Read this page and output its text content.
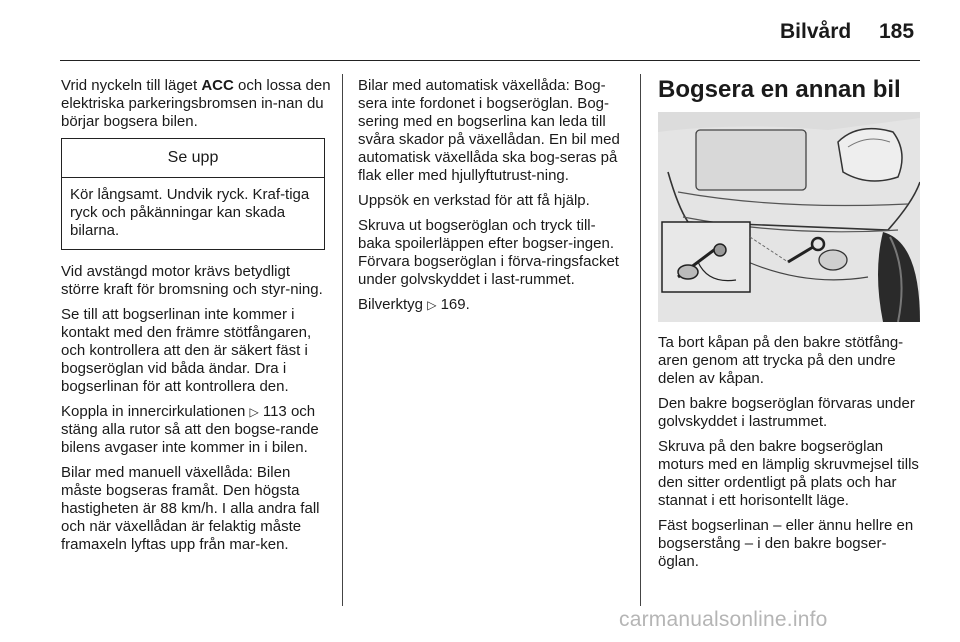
Bilvård 185

Vrid nyckeln till läget ACC och lossa den elektriska parkeringsbromsen in-nan du börjar bogsera bilen.

Se upp
Kör långsamt. Undvik ryck. Kraf-tiga ryck och påkänningar kan skada bilarna.

Vid avstängd motor krävs betydligt större kraft för bromsning och styr-ning.

Se till att bogserlinan inte kommer i kontakt med den främre stötfångaren, och kontrollera att den är säkert fäst i bogseröglan vid båda ändar. Dra i bogserlinan för att kontrollera den.

Koppla in innercirkulationen ▷ 113 och stäng alla rutor så att den bogse-rande bilens avgaser inte kommer in i bilen.

Bilar med manuell växellåda: Bilen måste bogseras framåt. Den högsta hastigheten är 88 km/h. I alla andra fall och när växellådan är felaktig måste framaxeln lyftas upp från mar-ken.

Bilar med automatisk växellåda: Bog-sera inte fordonet i bogseröglan. Bog-sering med en bogserlina kan leda till svåra skador på växellådan. En bil med automatisk växellåda ska bog-seras på flak eller med hjullyftutrust-ning.

Uppsök en verkstad för att få hjälp.

Skruva ut bogseröglan och tryck till-baka spoilerläppen efter bogser-ingen. Förvara bogseröglan i förva-ringsfacket under golvskyddet i last-rummet.

Bilverktyg ▷ 169.

Bogsera en annan bil

Ta bort kåpan på den bakre stötfång-aren genom att trycka på den undre delen av kåpan.

Den bakre bogseröglan förvaras under golvskyddet i lastrummet.

Skruva på den bakre bogseröglan moturs med en lämplig skruvmejsel tills den sitter ordentligt på plats och har stannat i ett horisontellt läge.

Fäst bogserlinan – eller ännu hellre en bogserstång – i den bakre bogser-öglan.

carmanualsonline.info
